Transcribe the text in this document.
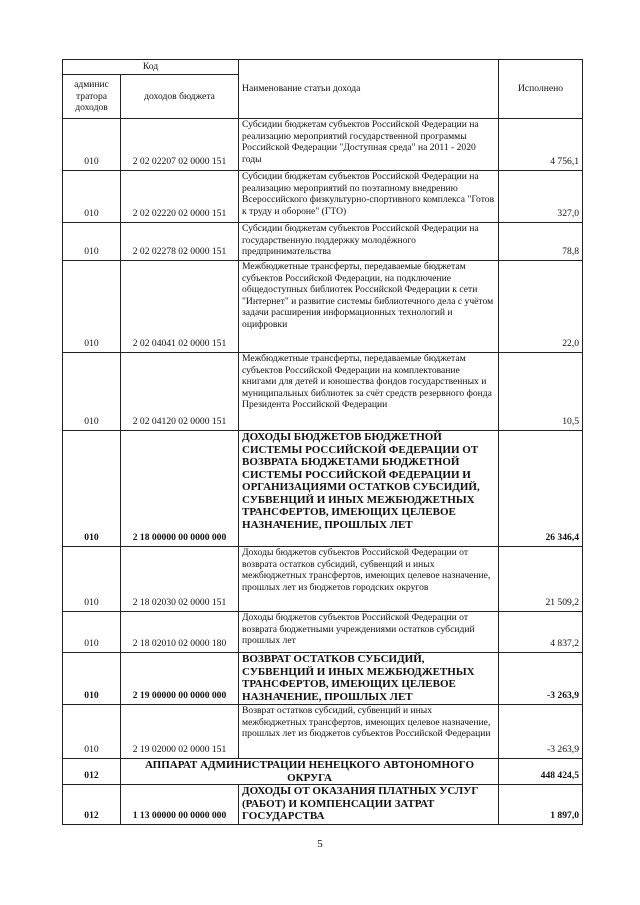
Код		Наименование статьи дохода	Исполнено
админис тратора доходов	доходов бюджета		
010	2 02 02207 02 0000 151	Субсидии бюджетам субъектов Российской Федерации на реализацию мероприятий государственной программы Российской Федерации "Доступная среда" на 2011 - 2020 годы	4 756,1
010	2 02 02220 02 0000 151	Субсидии бюджетам субъектов Российской Федерации на реализацию мероприятий по поэтапному внедрению Всероссийского физкультурно-спортивного комплекса "Готов к труду и обороне" (ГТО)	327,0
010	2 02 02278 02 0000 151	Субсидии бюджетам субъектов Российской Федерации на государственную поддержку молодёжного предпринимательства	78,8
010	2 02 04041 02 0000 151	Межбюджетные трансферты, передаваемые бюджетам субъектов Российской Федерации, на подключение общедоступных библиотек Российской Федерации к сети "Интернет" и развитие системы библиотечного дела с учётом задачи расширения информационных технологий и оцифровки	22,0
010	2 02 04120 02 0000 151	Межбюджетные трансферты, передаваемые бюджетам субъектов Российской Федерации на комплектование книгами для детей и юношества фондов государственных и муниципальных библиотек за счёт средств резервного фонда Президента Российской Федерации	10,5
010	2 18 00000 00 0000 000	ДОХОДЫ БЮДЖЕТОВ БЮДЖЕТНОЙ СИСТЕМЫ РОССИЙСКОЙ ФЕДЕРАЦИИ ОТ ВОЗВРАТА БЮДЖЕТАМИ БЮДЖЕТНОЙ СИСТЕМЫ РОССИЙСКОЙ ФЕДЕРАЦИИ И ОРГАНИЗАЦИЯМИ ОСТАТКОВ СУБСИДИЙ, СУБВЕНЦИЙ И ИНЫХ МЕЖБЮДЖЕТНЫХ ТРАНСФЕРТОВ, ИМЕЮЩИХ ЦЕЛЕВОЕ НАЗНАЧЕНИЕ, ПРОШЛЫХ ЛЕТ	26 346,4
010	2 18 02030 02 0000 151	Доходы бюджетов субъектов Российской Федерации от возврата остатков субсидий, субвенций и иных межбюджетных трансфертов, имеющих целевое назначение, прошлых лет из бюджетов городских округов	21 509,2
010	2 18 02010 02 0000 180	Доходы бюджетов субъектов Российской Федерации от возврата бюджетными учреждениями остатков субсидий прошлых лет	4 837,2
010	2 19 00000 00 0000 000	ВОЗВРАТ ОСТАТКОВ СУБСИДИЙ, СУБВЕНЦИЙ И ИНЫХ МЕЖБЮДЖЕТНЫХ ТРАНСФЕРТОВ, ИМЕЮЩИХ ЦЕЛЕВОЕ НАЗНАЧЕНИЕ, ПРОШЛЫХ ЛЕТ	-3 263,9
010	2 19 02000 02 0000 151	Возврат остатков субсидий, субвенций и иных межбюджетных трансфертов, имеющих целевое назначение, прошлых лет из бюджетов субъектов Российской Федерации	-3 263,9
012	АППАРАТ АДМИНИСТРАЦИИ НЕНЕЦКОГО АВТОНОМНОГО ОКРУГА		448 424,5
012	1 13 00000 00 0000 000	ДОХОДЫ ОТ ОКАЗАНИЯ ПЛАТНЫХ УСЛУГ (РАБОТ) И КОМПЕНСАЦИИ ЗАТРАТ ГОСУДАРСТВА	1 897,0
5
